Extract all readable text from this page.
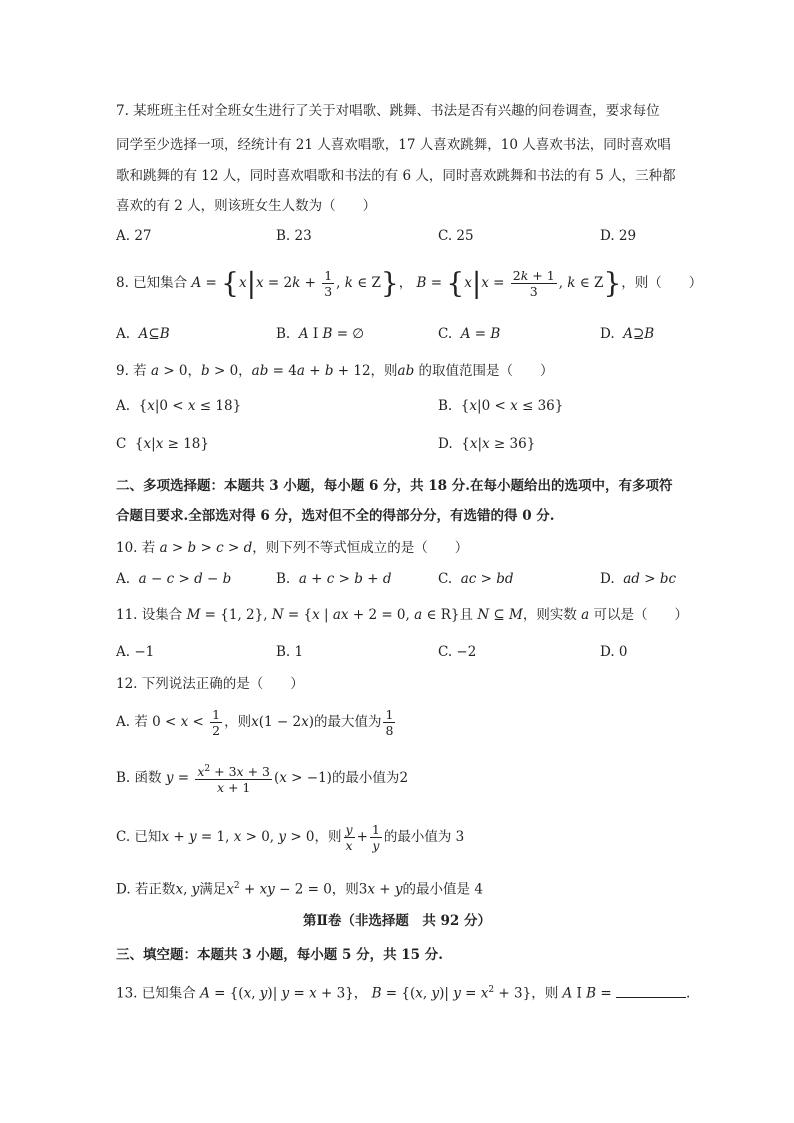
7. 某班班主任对全班女生进行了关于对唱歌、跳舞、书法是否有兴趣的问卷调查，要求每位
同学至少选择一项，经统计有 21 人喜欢唱歌，17 人喜欢跳舞，10 人喜欢书法，同时喜欢唱
歌和跳舞的有 12 人，同时喜欢唱歌和书法的有 6 人，同时喜欢跳舞和书法的有 5 人，三种都
喜欢的有 2 人，则该班女生人数为（　　）
A. 27	B. 23	C. 25	D. 29
8. 已知集合 $A = \{x|x = 2k + \frac{1}{3}$ , k ∈ Z}， $B = \{x|x = \frac{2k + 1}{3}$ , k ∈ Z}，则（　　）
A. A⊆B	B. A I B = ∅	C. A = B	D. A⊇B
9. 若 a > 0，b > 0，ab = 4a + b + 12，则ab 的取值范围是（　　）
A.  {x|0 < x ≤ 18}	B.  {x|0 < x ≤ 36}
C  {x|x ≥ 18}	D.  {x|x ≥ 36}
二、多项选择题：本题共 3 小题，每小题 6 分，共 18 分.在每小题给出的选项中，有多项符
合题目要求.全部选对得 6 分，选对但不全的得部分分，有选错的得 0 分.
10. 若 a > b > c > d，则下列不等式恒成立的是（　　）
A. a − c > d − b	B. a + c > b + d	C. ac > bd	D. ad > bc
11. 设集合 M = {1, 2}, N = {x | ax + 2 = 0, a ∈ R}且 N ⊆ M，则实数 a 可以是（　　）
A. −1	B. 1	C. −2	D. 0
12. 下列说法正确的是（　　）
A. 若 $0 < x < \frac{1}{2}$ ，则x(1 − 2x)的最大值为 $\frac{1}{8}$
B. 函数 $y = \frac{x^2 + 3x + 3}{x + 1} (x > -1)$的最小值为2
C. 已知x + y = 1, x > 0, y > 0，则 $\frac{y}{x} + \frac{1}{y}$ 的最小值为 3
D. 若正数x, y满足$x^2$ + xy − 2 = 0，则3x + y的最小值是 4
第Ⅱ卷（非选择题　共 92 分）
三、填空题：本题共 3 小题，每小题 5 分，共 15 分.
13. 已知集合 A = {(x, y)| y = x + 3}， B = {(x, y)| $y = x^2 + 3$}，则 A I B =	.
